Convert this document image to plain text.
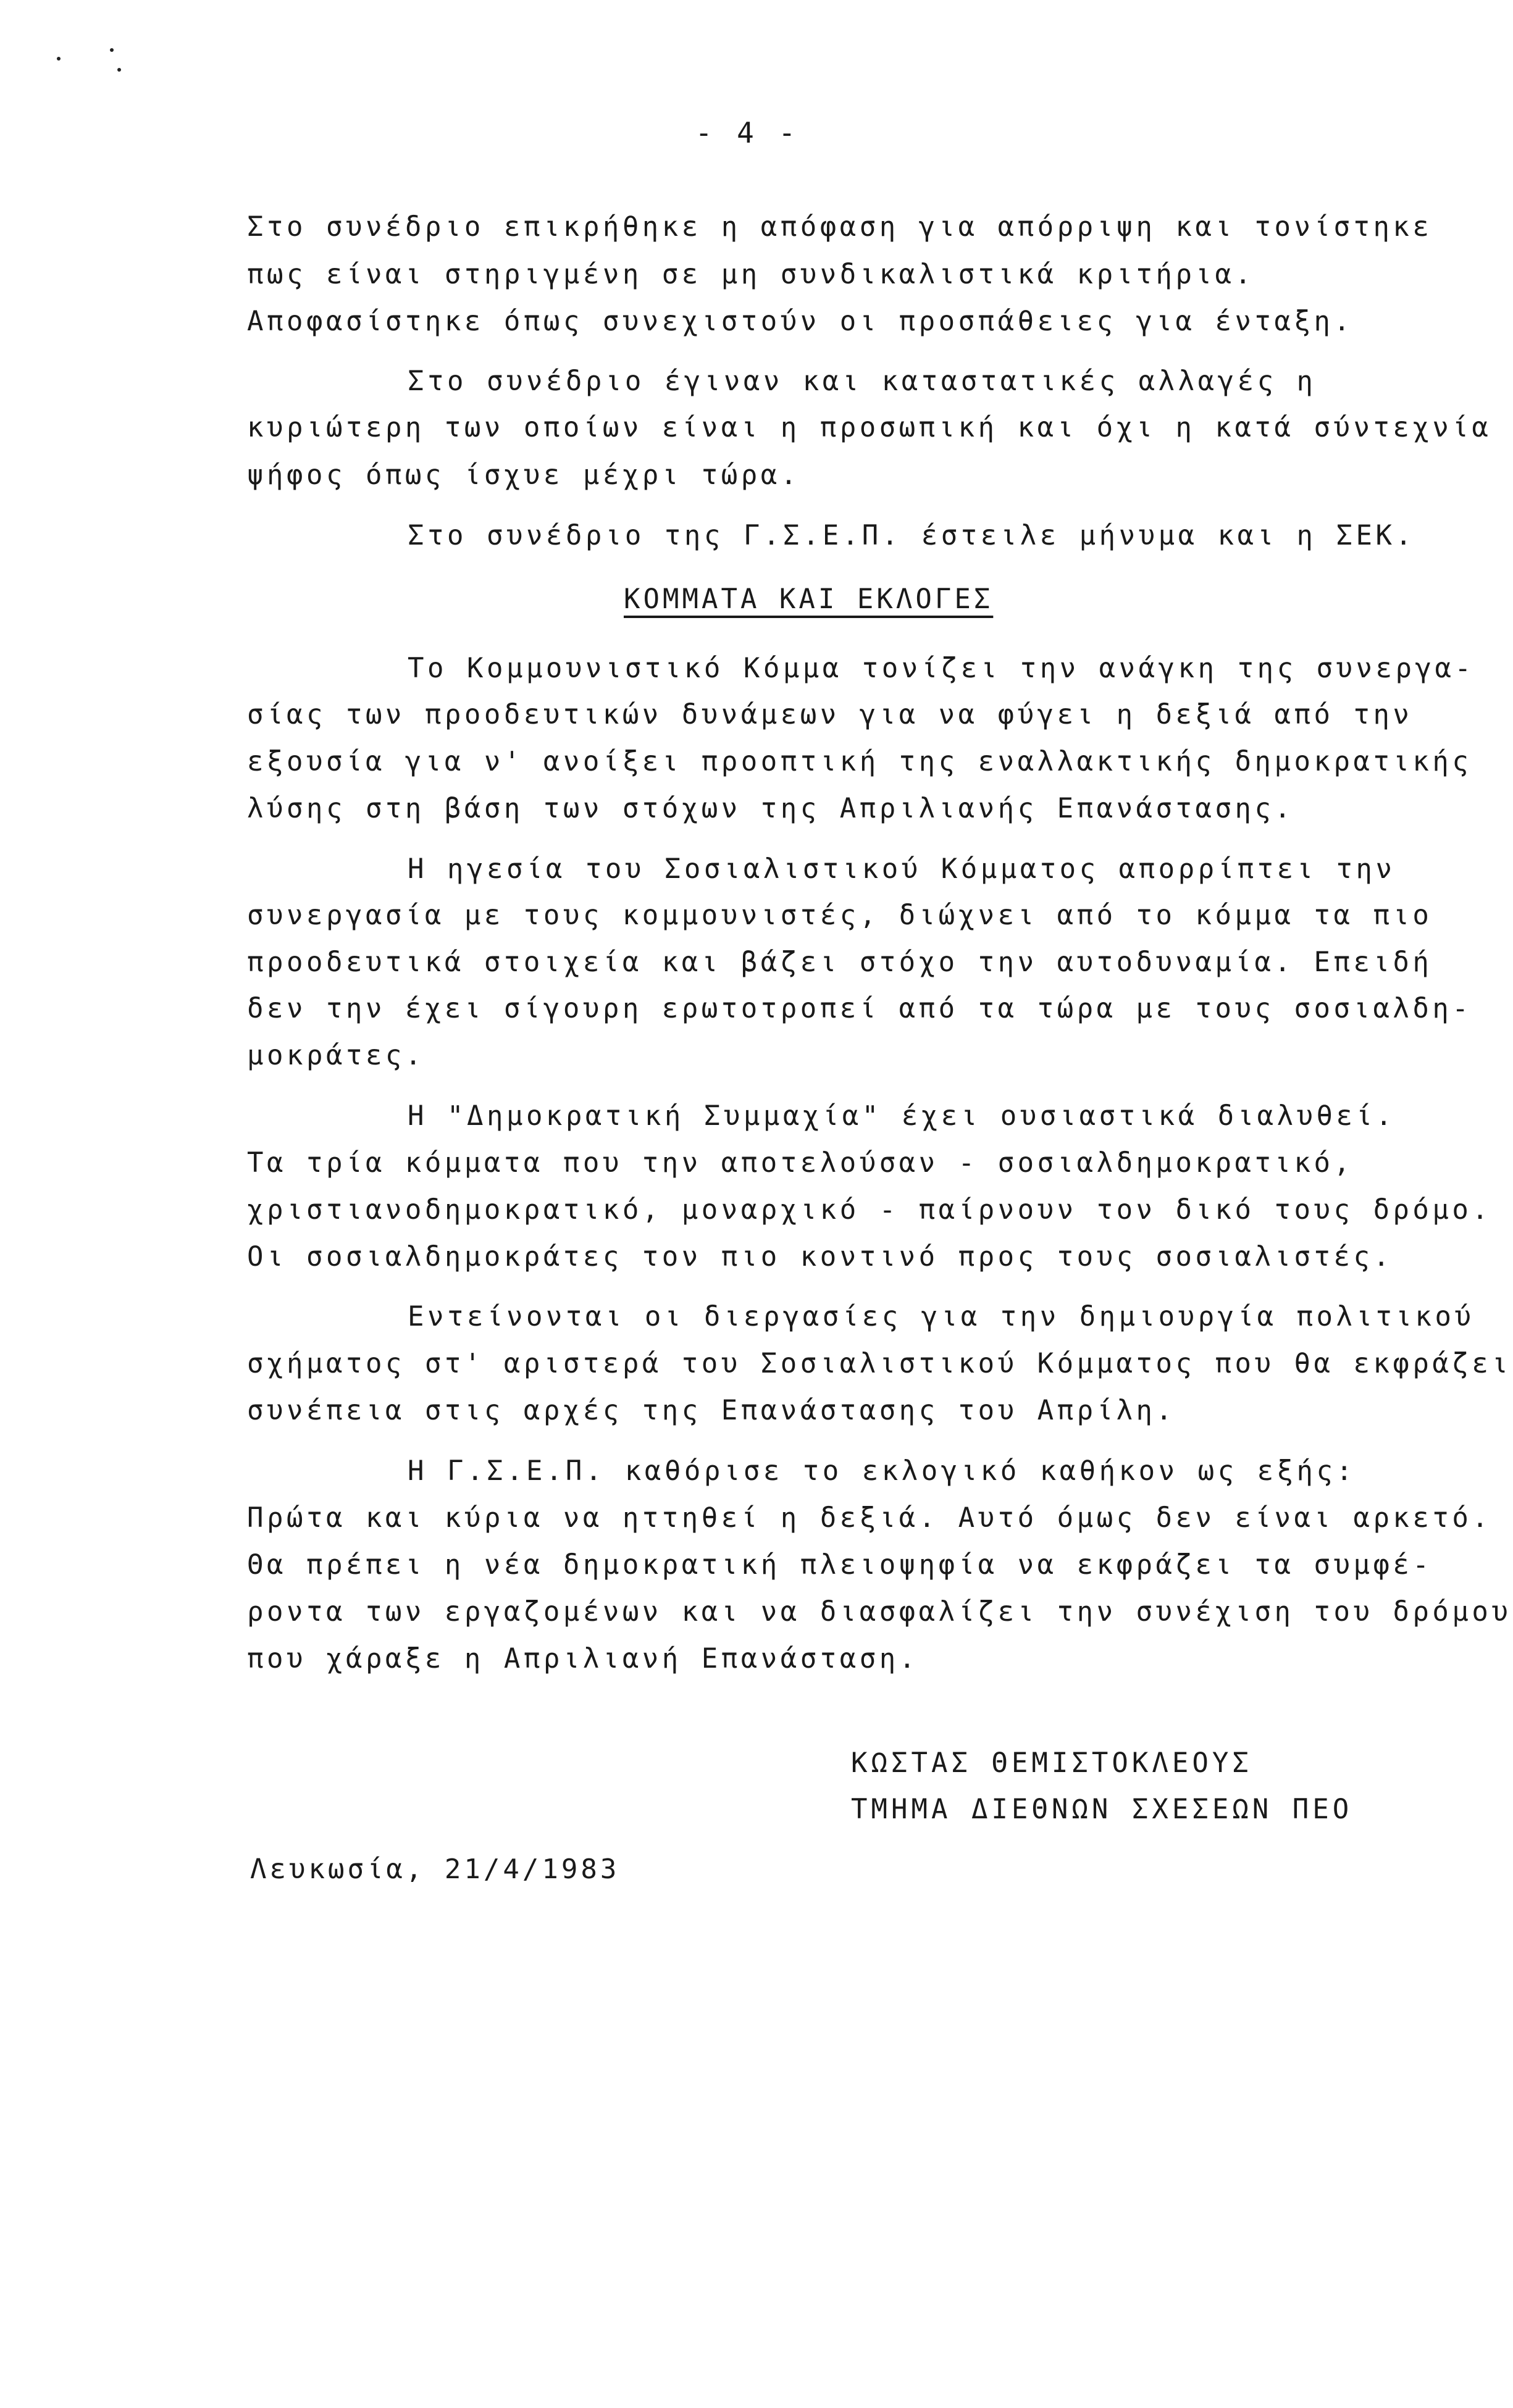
- 4 -
Στο συνέδριο επικρήθηκε η απόφαση για απόρριψη και τονίστηκε
πως είναι στηριγμένη σε μη συνδικαλιστικά κριτήρια.
Αποφασίστηκε όπως συνεχιστούν οι προσπάθειες για ένταξη.
Στο συνέδριο έγιναν και καταστατικές αλλαγές η
κυριώτερη των οποίων είναι η προσωπική και όχι η κατά σύντεχνία
ψήφος όπως ίσχυε μέχρι τώρα.
Στο συνέδριο της Γ.Σ.Ε.Π. έστειλε μήνυμα και η ΣΕΚ.
ΚΟΜΜΑΤΑ ΚΑΙ ΕΚΛΟΓΕΣ
Το Κομμουνιστικό Κόμμα τονίζει την ανάγκη της συνεργα-
σίας των προοδευτικών δυνάμεων για να φύγει η δεξιά από την
εξουσία για ν' ανοίξει προοπτική της εναλλακτικής δημοκρατικής
λύσης στη βάση των στόχων της Απριλιανής Επανάστασης.
Η ηγεσία του Σοσιαλιστικού Κόμματος απορρίπτει την
συνεργασία με τους κομμουνιστές, διώχνει από το κόμμα τα πιο
προοδευτικά στοιχεία και βάζει στόχο την αυτοδυναμία. Επειδή
δεν την έχει σίγουρη ερωτοτροπεί από τα τώρα με τους σοσιαλδη-
μοκράτες.
Η "Δημοκρατική Συμμαχία" έχει ουσιαστικά διαλυθεί.
Τα τρία κόμματα που την αποτελούσαν - σοσιαλδημοκρατικό,
χριστιανοδημοκρατικό, μοναρχικό - παίρνουν τον δικό τους δρόμο.
Οι σοσιαλδημοκράτες τον πιο κοντινό προς τους σοσιαλιστές.
Εντείνονται οι διεργασίες για την δημιουργία πολιτικού
σχήματος στ' αριστερά του Σοσιαλιστικού Κόμματος που θα εκφράζει
συνέπεια στις αρχές της Επανάστασης του Απρίλη.
Η Γ.Σ.Ε.Π. καθόρισε το εκλογικό καθήκον ως εξής:
Πρώτα και κύρια να ηττηθεί η δεξιά. Αυτό όμως δεν είναι αρκετό.
Θα πρέπει η νέα δημοκρατική πλειοψηφία να εκφράζει τα συμφέ-
ροντα των εργαζομένων και να διασφαλίζει την συνέχιση του δρόμου
που χάραξε η Απριλιανή Επανάσταση.
ΚΩΣΤΑΣ ΘΕΜΙΣΤΟΚΛΕΟΥΣ
ΤΜΗΜΑ ΔΙΕΘΝΩΝ ΣΧΕΣΕΩΝ ΠΕΟ
Λευκωσία, 21/4/1983
